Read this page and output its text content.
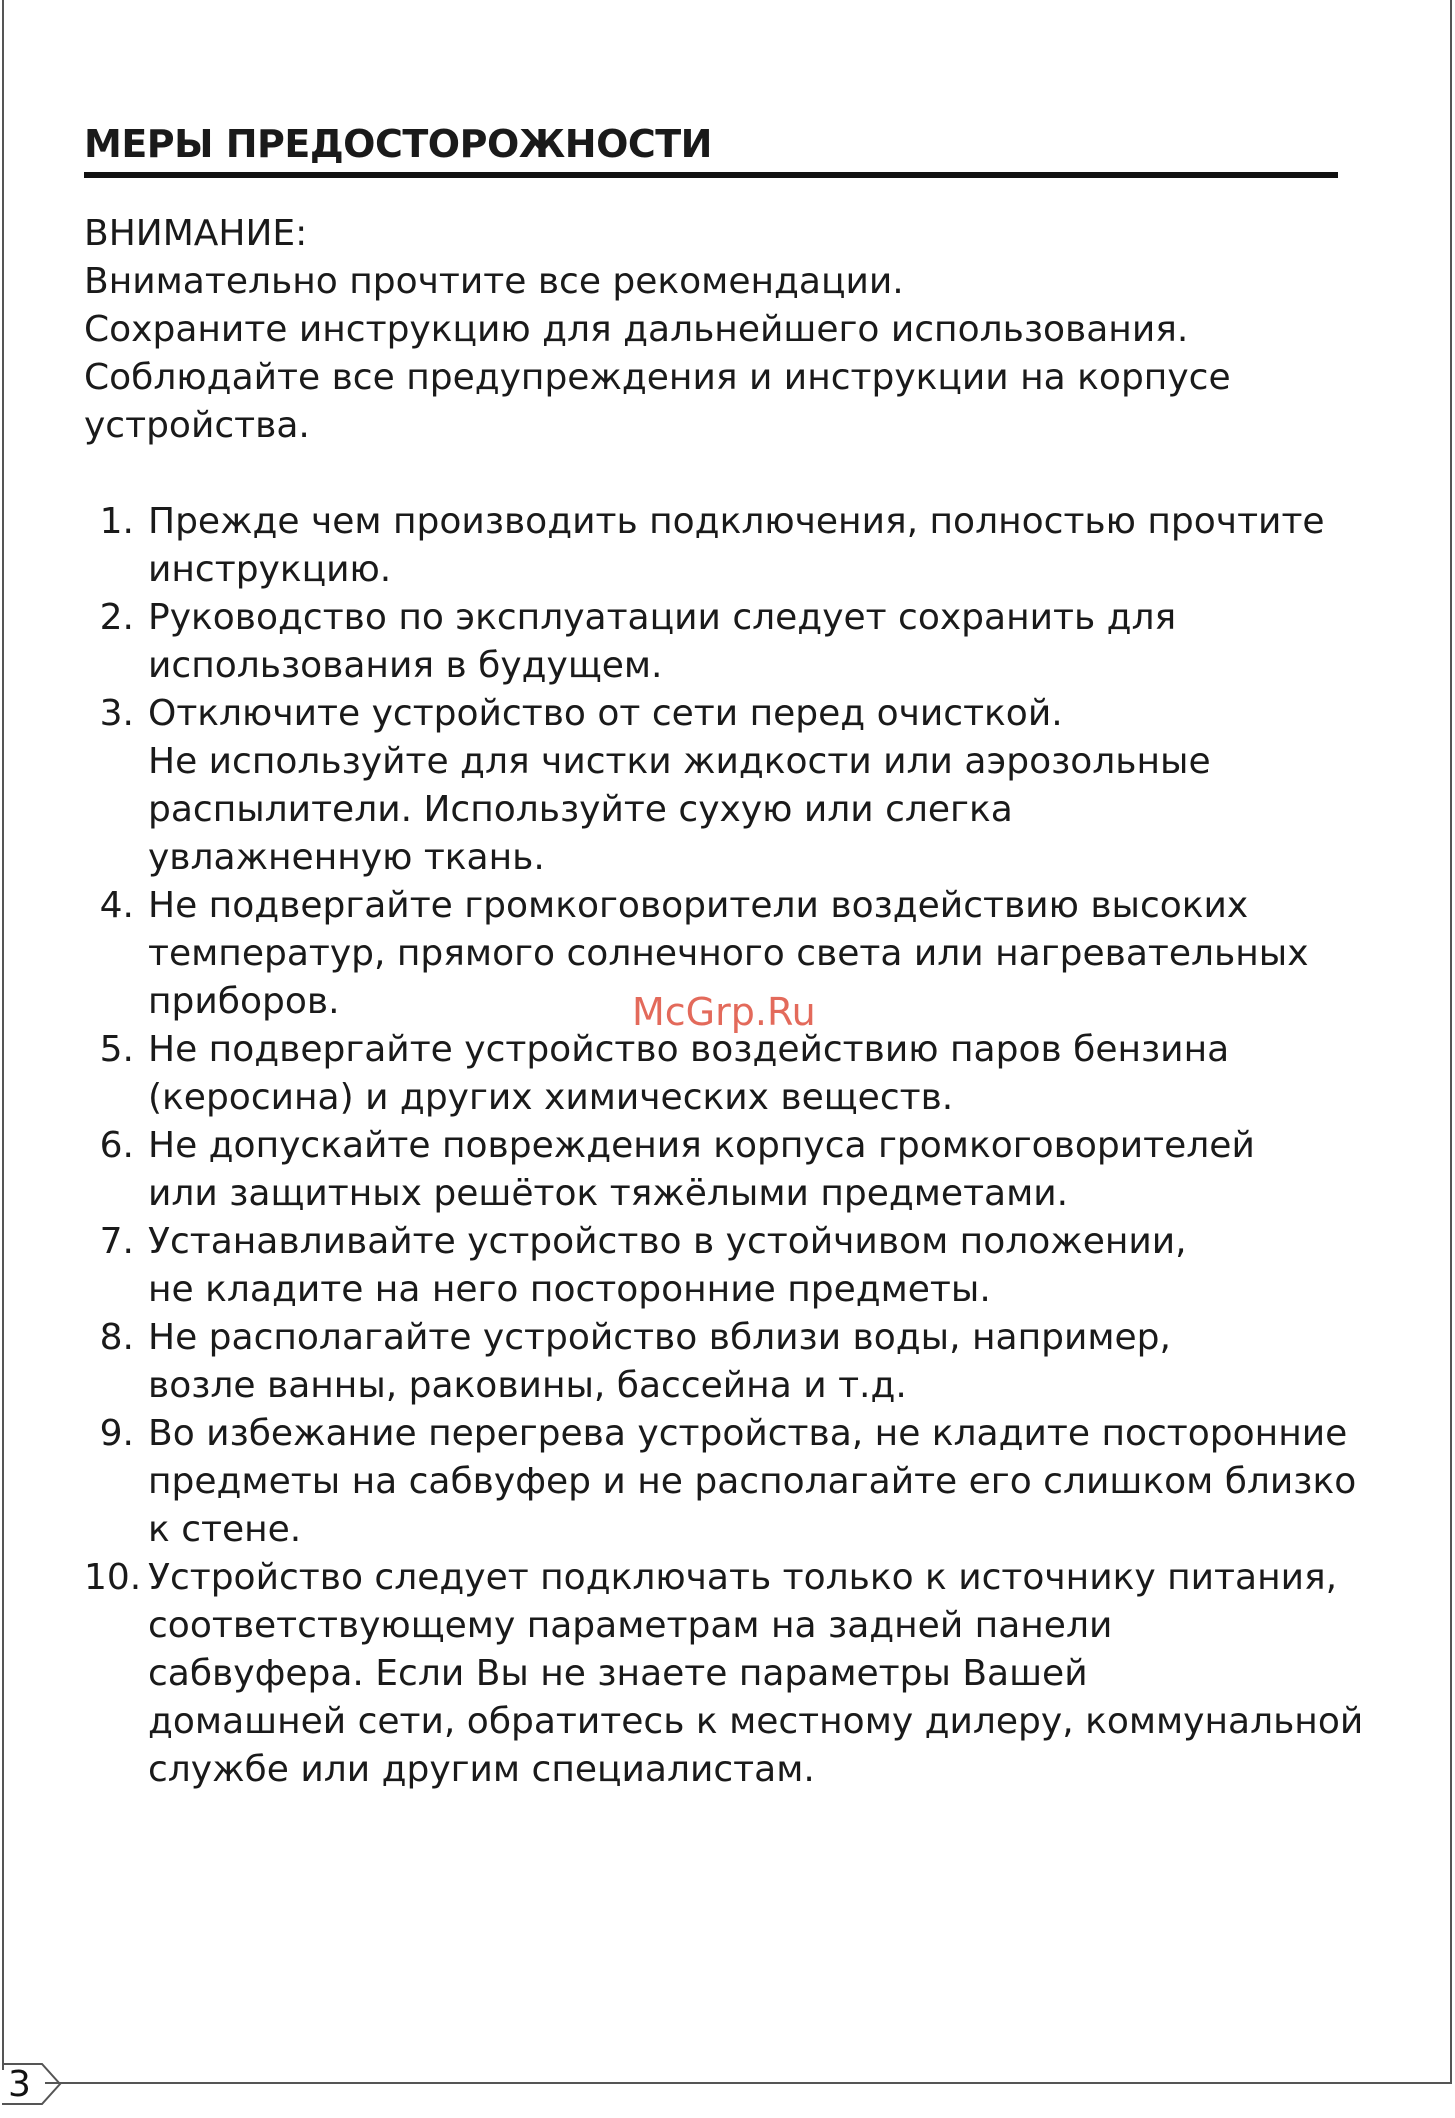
МЕРЫ ПРЕДОСТОРОЖНОСТИ
ВНИМАНИЕ:
Внимательно прочтите все рекомендации.
Сохраните инструкцию для дальнейшего использования.
Соблюдайте все предупреждения и инструкции на корпусе
устройства.
1. Прежде чем производить подключения, полностью прочтите
инструкцию.
2. Руководство по эксплуатации следует сохранить для
использования в будущем.
3. Отключите устройство от сети перед очисткой.
Не используйте для чистки жидкости или аэрозольные
распылители. Используйте сухую или слегка
увлажненную ткань.
4. Не подвергайте громкоговорители воздействию высоких
температур, прямого солнечного света или нагревательных
приборов.
5. Не подвергайте устройство воздействию паров бензина
(керосина) и других химических веществ.
6. Не допускайте повреждения корпуса громкоговорителей
или защитных решёток тяжёлыми предметами.
7. Устанавливайте устройство в устойчивом положении,
не кладите на него посторонние предметы.
8. Не располагайте устройство вблизи воды, например,
возле ванны, раковины, бассейна и т.д.
9. Во избежание перегрева устройства, не кладите посторонние
предметы на сабвуфер и не располагайте его слишком близко
к стене.
10. Устройство следует подключать только к источнику питания,
соответствующему параметрам на задней панели
сабвуфера. Если Вы не знаете параметры Вашей
домашней сети, обратитесь к местному дилеру, коммунальной
службе или другим специалистам.
McGrp.Ru
3
